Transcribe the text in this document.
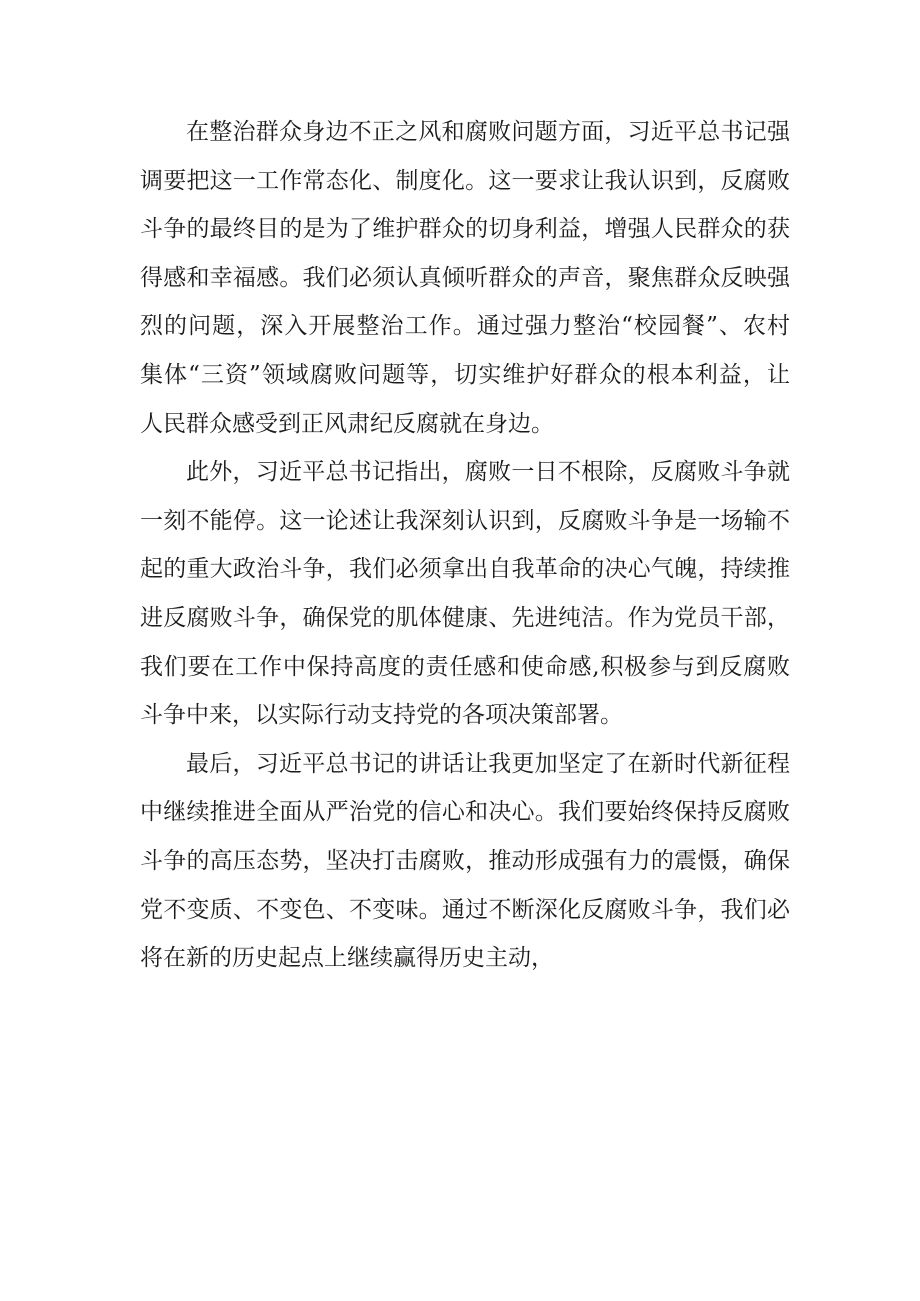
在整治群众身边不正之风和腐败问题方面，习近平总书记强
调要把这一工作常态化、制度化。这一要求让我认识到，反腐败
斗争的最终目的是为了维护群众的切身利益，增强人民群众的获
得感和幸福感。我们必须认真倾听群众的声音，聚焦群众反映强
烈的问题，深入开展整治工作。通过强力整治“校园餐”、农村
集体“三资”领域腐败问题等，切实维护好群众的根本利益，让
人民群众感受到正风肃纪反腐就在身边。
此外，习近平总书记指出，腐败一日不根除，反腐败斗争就
一刻不能停。这一论述让我深刻认识到，反腐败斗争是一场输不
起的重大政治斗争，我们必须拿出自我革命的决心气魄，持续推
进反腐败斗争，确保党的肌体健康、先进纯洁。作为党员干部，
我们要在工作中保持高度的责任感和使命感,积极参与到反腐败
斗争中来，以实际行动支持党的各项决策部署。
最后，习近平总书记的讲话让我更加坚定了在新时代新征程
中继续推进全面从严治党的信心和决心。我们要始终保持反腐败
斗争的高压态势，坚决打击腐败，推动形成强有力的震慑，确保
党不变质、不变色、不变味。通过不断深化反腐败斗争，我们必
将在新的历史起点上继续赢得历史主动，
